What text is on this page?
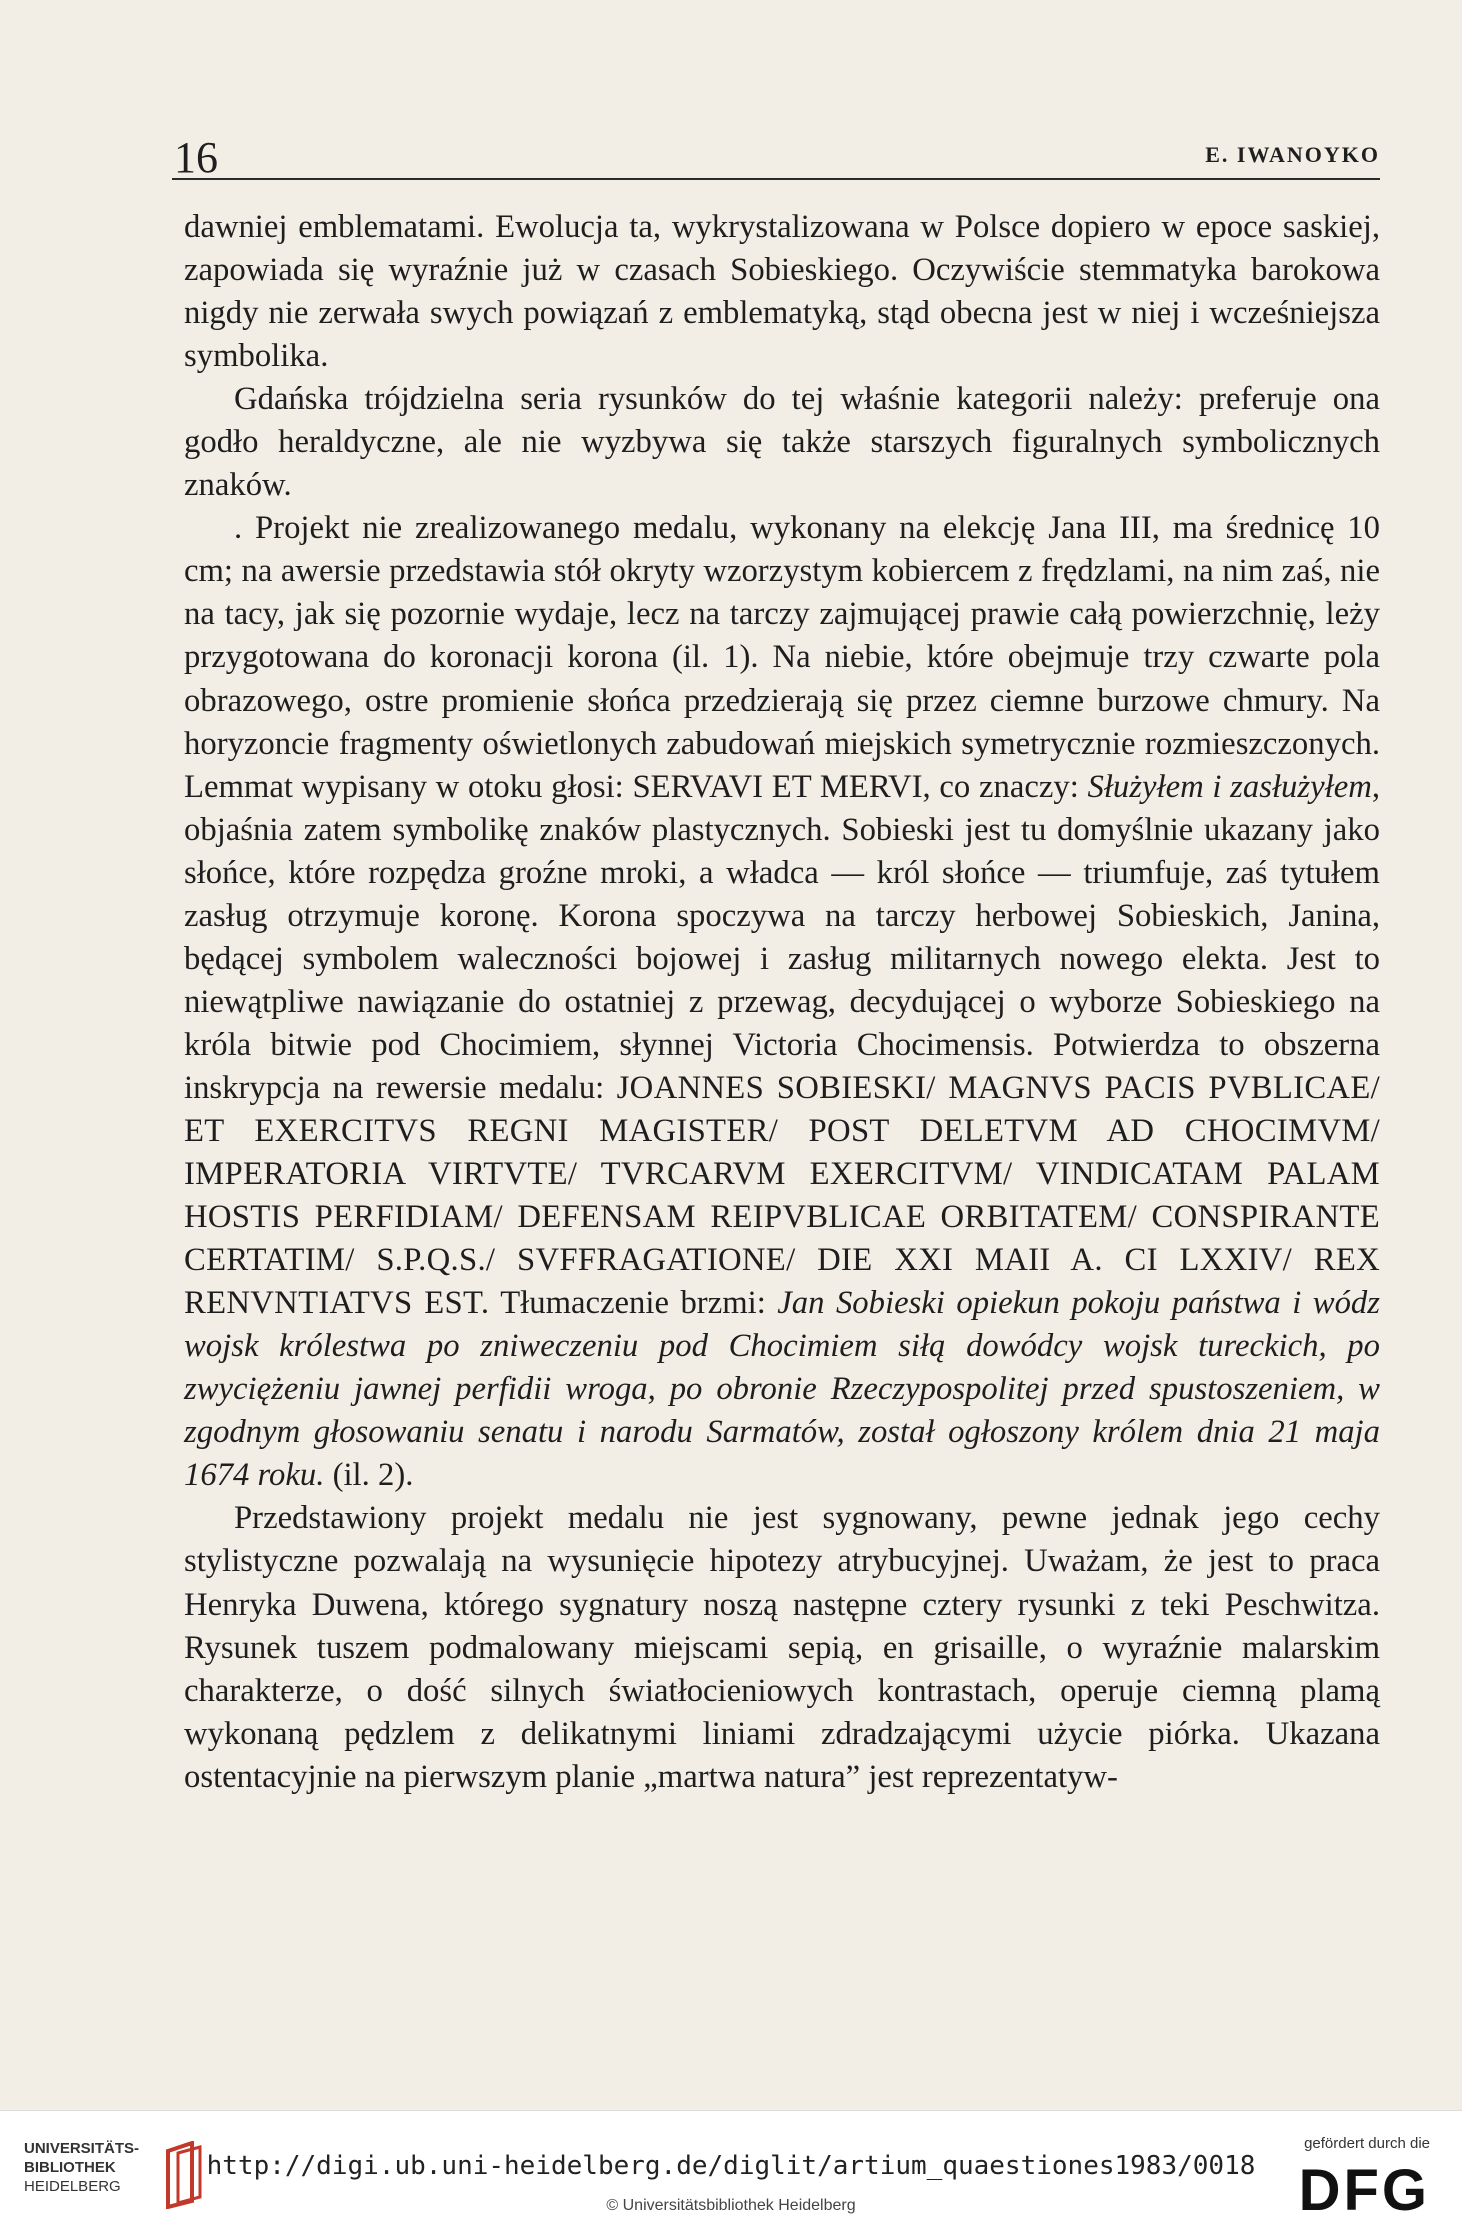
16	E. IWANOYKO

dawniej emblematami. Ewolucja ta, wykrystalizowana w Polsce dopiero w epoce saskiej, zapowiada się wyraźnie już w czasach Sobieskiego. Oczywiście stemmatyka barokowa nigdy nie zerwała swych powiązań z emblematyką, stąd obecna jest w niej i wcześniejsza symbolika.

Gdańska trójdzielna seria rysunków do tej właśnie kategorii należy: preferuje ona godło heraldyczne, ale nie wyzbywa się także starszych figuralnych symbolicznych znaków.

. Projekt nie zrealizowanego medalu, wykonany na elekcję Jana III, ma średnicę 10 cm; na awersie przedstawia stół okryty wzorzystym kobiercem z frędzlami, na nim zaś, nie na tacy, jak się pozornie wydaje, lecz na tarczy zajmującej prawie całą powierzchnię, leży przygotowana do koronacji korona (il. 1). Na niebie, które obejmuje trzy czwarte pola obrazowego, ostre promienie słońca przedzierają się przez ciemne burzowe chmury. Na horyzoncie fragmenty oświetlonych zabudowań miejskich symetrycznie rozmieszczonych. Lemmat wypisany w otoku głosi: SERVAVI ET MERVI, co znaczy: Służyłem i zasłużyłem, objaśnia zatem symbolikę znaków plastycznych. Sobieski jest tu domyślnie ukazany jako słońce, które rozpędza groźne mroki, a władca — król słońce — triumfuje, zaś tytułem zasług otrzymuje koronę. Korona spoczywa na tarczy herbowej Sobieskich, Janina, będącej symbolem waleczności bojowej i zasług militarnych nowego elekta. Jest to niewątpliwe nawiązanie do ostatniej z przewag, decydującej o wyborze Sobieskiego na króla bitwie pod Chocimiem, słynnej Victoria Chocimensis. Potwierdza to obszerna inskrypcja na rewersie medalu: JOANNES SOBIESKI/ MAGNVS PACIS PVBLICAE/ ET EXERCITVS REGNI MAGISTER/ POST DELETVM AD CHOCIMVM/ IMPERATORIA VIRTVTE/ TVRCARVM EXERCITVM/ VINDICATAM PALAM HOSTIS PERFIDIAM/ DEFENSAM REIPVBLICAE ORBITATEM/ CONSPIRANTE CERTATIM/ S.P.Q.S./ SVFFRAGATIONE/ DIE XXI MAII A. CI LXXIV/ REX RENVNTIATVS EST. Tłumaczenie brzmi: Jan Sobieski opiekun pokoju państwa i wódz wojsk królestwa po zniweczeniu pod Chocimiem siłą dowódcy wojsk tureckich, po zwyciężeniu jawnej perfidii wroga, po obronie Rzeczypospolitej przed spustoszeniem, w zgodnym głosowaniu senatu i narodu Sarmatów, został ogłoszony królem dnia 21 maja 1674 roku. (il. 2).

Przedstawiony projekt medalu nie jest sygnowany, pewne jednak jego cechy stylistyczne pozwalają na wysunięcie hipotezy atrybucyjnej. Uważam, że jest to praca Henryka Duwena, którego sygnatury noszą następne cztery rysunki z teki Peschwitza. Rysunek tuszem podmalowany miejscami sepią, en grisaille, o wyraźnie malarskim charakterze, o dość silnych światłocieniowych kontrastach, operuje ciemną plamą wykonaną pędzlem z delikatnymi liniami zdradzającymi użycie piórka. Ukazana ostentacyjnie na pierwszym planie „martwa natura” jest reprezentatyw-

UNIVERSITÄTS-
BIBLIOTHEK
HEIDELBERG
http://digi.ub.uni-heidelberg.de/diglit/artium_quaestiones1983/0018
© Universitätsbibliothek Heidelberg
gefördert durch die
DFG
